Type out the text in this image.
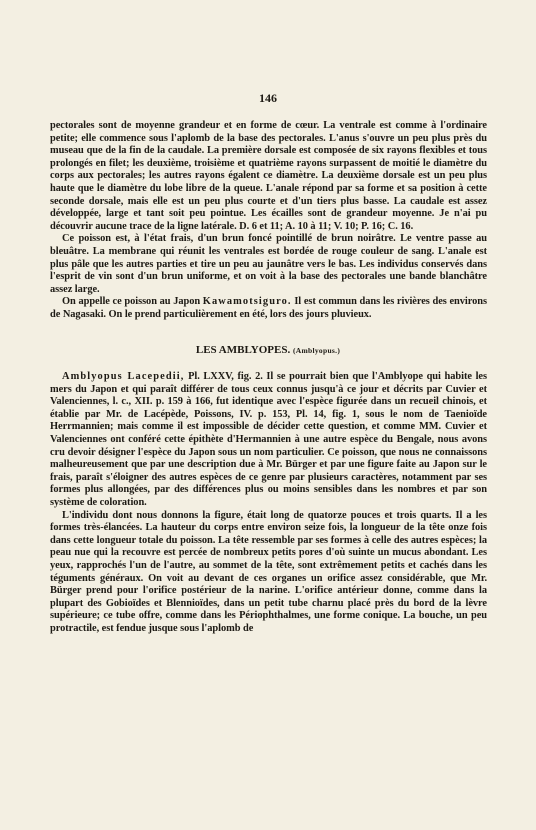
146

pectorales sont de moyenne grandeur et en forme de cœur. La ventrale est comme à l'ordinaire petite; elle commence sous l'aplomb de la base des pectorales. L'anus s'ouvre un peu plus près du museau que de la fin de la caudale. La première dorsale est composée de six rayons flexibles et tous prolongés en filet; les deuxième, troisième et quatrième rayons surpassent de moitié le diamètre du corps aux pectorales; les autres rayons égalent ce diamètre. La deuxième dorsale est un peu plus haute que le diamètre du lobe libre de la queue. L'anale répond par sa forme et sa position à cette seconde dorsale, mais elle est un peu plus courte et d'un tiers plus basse. La caudale est assez développée, large et tant soit peu pointue. Les écailles sont de grandeur moyenne. Je n'ai pu découvrir aucune trace de la ligne latérale. D. 6 et 11; A. 10 à 11; V. 10; P. 16; C. 16.

Ce poisson est, à l'état frais, d'un brun foncé pointillé de brun noirâtre. Le ventre passe au bleuâtre. La membrane qui réunit les ventrales est bordée de rouge couleur de sang. L'anale est plus pâle que les autres parties et tire un peu au jaunâtre vers le bas. Les individus conservés dans l'esprit de vin sont d'un brun uniforme, et on voit à la base des pectorales une bande blanchâtre assez large.

On appelle ce poisson au Japon Kawamotsiguro. Il est commun dans les rivières des environs de Nagasaki. On le prend particulièrement en été, lors des jours pluvieux.

LES AMBLYOPES. (Amblyopus.)

Amblyopus Lacepedii, Pl. LXXV, fig. 2. Il se pourrait bien que l'Amblyope qui habite les mers du Japon et qui paraît différer de tous ceux connus jusqu'à ce jour et décrits par Cuvier et Valenciennes, l. c., XII. p. 159 à 166, fut identique avec l'espèce figurée dans un recueil chinois, et établie par Mr. de Lacépède, Poissons, IV. p. 153, Pl. 14, fig. 1, sous le nom de Taenioïde Herrmannien; mais comme il est impossible de décider cette question, et comme MM. Cuvier et Valenciennes ont conféré cette épithète d'Hermannien à une autre espèce du Bengale, nous avons cru devoir désigner l'espèce du Japon sous un nom particulier. Ce poisson, que nous ne connaissons malheureusement que par une description due à Mr. Bürger et par une figure faite au Japon sur le frais, paraît s'éloigner des autres espèces de ce genre par plusieurs caractères, notamment par ses formes plus allongées, par des différences plus ou moins sensibles dans les nombres et par son système de coloration.

L'individu dont nous donnons la figure, était long de quatorze pouces et trois quarts. Il a les formes très-élancées. La hauteur du corps entre environ seize fois, la longueur de la tête onze fois dans cette longueur totale du poisson. La tête ressemble par ses formes à celle des autres espèces; la peau nue qui la recouvre est percée de nombreux petits pores d'où suinte un mucus abondant. Les yeux, rapprochés l'un de l'autre, au sommet de la tête, sont extrêmement petits et cachés dans les téguments généraux. On voit au devant de ces organes un orifice assez considérable, que Mr. Bürger prend pour l'orifice postérieur de la narine. L'orifice antérieur donne, comme dans la plupart des Gobioïdes et Blennioïdes, dans un petit tube charnu placé près du bord de la lèvre supérieure; ce tube offre, comme dans les Périophthalmes, une forme conique. La bouche, un peu protractile, est fendue jusque sous l'aplomb de
